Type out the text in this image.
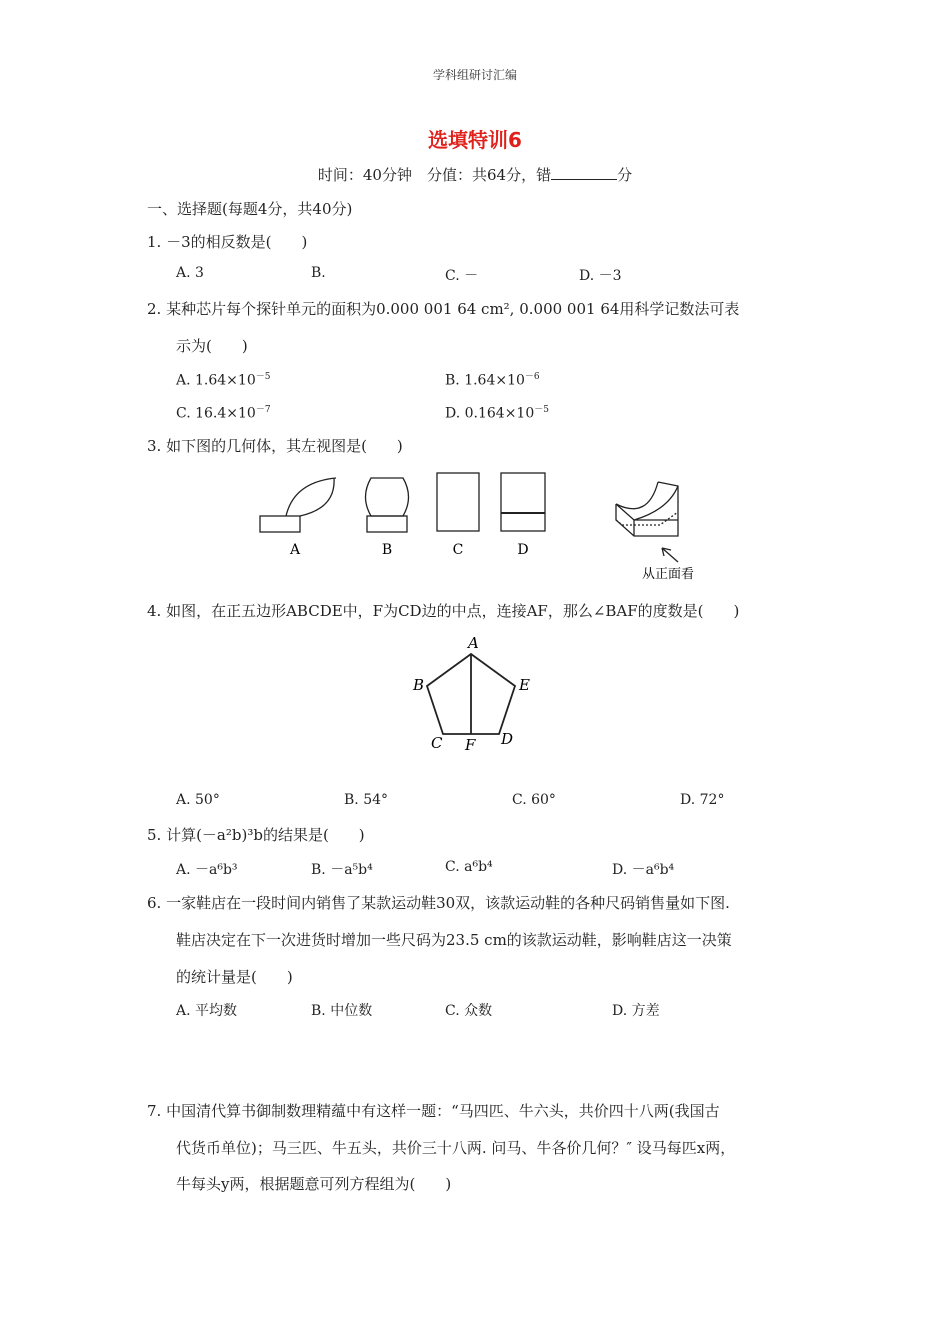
学科组研讨汇编
选填特训6
时间：40分钟　分值：共64分，错	分
一、选择题(每题4分，共40分)
1. －3的相反数是(　　)
A. 3	B.	C. －	D. －3
2. 某种芯片每个探针单元的面积为0.000 001 64 cm², 0.000 001 64用科学记数法可表
示为(　　)
A. $1.64\times 10^{-5}$	B. $1.64\times 10^{-6}$
C. $16.4\times 10^{-7}$	D. $0.164\times 10^{-5}$
3. 如下图的几何体，其左视图是(　　)
A	B	C	D
从正面看
4. 如图，在正五边形ABCDE中，F为CD边的中点，连接AF，那么∠BAF的度数是(　　)
A
B
C	D
E
F
A. 50°	B. 54°	C. 60°	D. 72°
5. 计算(－a²b)³b的结果是(　　)
A. －a⁶b³	B. －a⁵b⁴	C. a⁶b⁴	D. －a⁶b⁴
6. 一家鞋店在一段时间内销售了某款运动鞋30双，该款运动鞋的各种尺码销售量如下图.
鞋店决定在下一次进货时增加一些尺码为23.5 cm的该款运动鞋，影响鞋店这一决策
的统计量是(　　)
A. 平均数	B. 中位数	C. 众数	D. 方差
7. 中国清代算书御制数理精蕴中有这样一题：“马四匹、牛六头，共价四十八两(我国古
代货币单位)；马三匹、牛五头，共价三十八两. 问马、牛各价几何？″ 设马每匹x两，
牛每头y两，根据题意可列方程组为(　　)
